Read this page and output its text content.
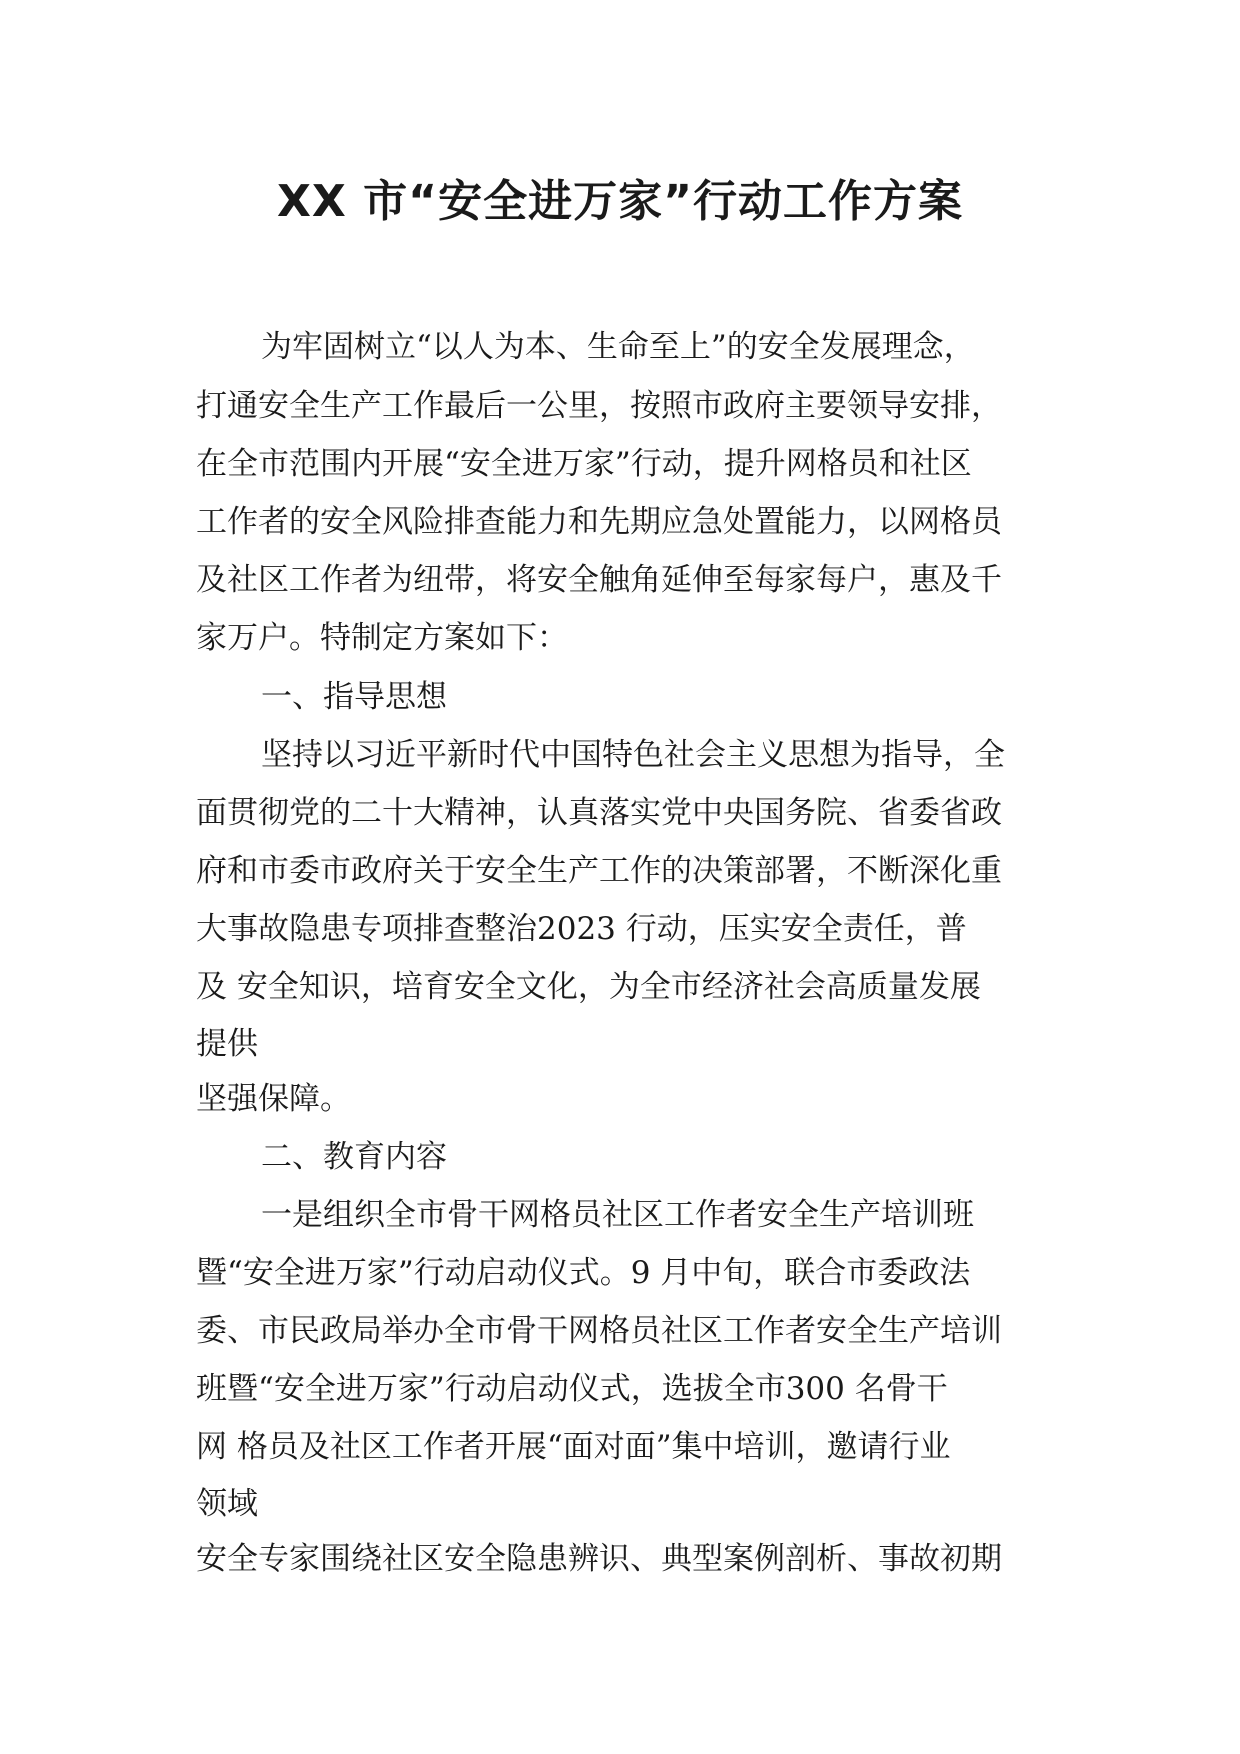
XX 市“安全进万家”行动工作方案

为牢固树立“以人为本、生命至上”的安全发展理念，

打通安全生产工作最后一公里，按照市政府主要领导安排，

在全市范围内开展“安全进万家”行动，提升网格员和社区

工作者的安全风险排查能力和先期应急处置能力，以网格员

及社区工作者为纽带，将安全触角延伸至每家每户，惠及千

家万户。特制定方案如下：

一、指导思想

坚持以习近平新时代中国特色社会主义思想为指导，全

面贯彻党的二十大精神，认真落实党中央国务院、省委省政

府和市委市政府关于安全生产工作的决策部署，不断深化重

大事故隐患专项排查整治2023 行动，压实安全责任，普

及 安全知识，培育安全文化，为全市经济社会高质量发展

提供

坚强保障。

二、教育内容

一是组织全市骨干网格员社区工作者安全生产培训班

暨“安全进万家”行动启动仪式。9 月中旬，联合市委政法

委、市民政局举办全市骨干网格员社区工作者安全生产培训

班暨“安全进万家”行动启动仪式，选拔全市300 名骨干

网 格员及社区工作者开展“面对面”集中培训，邀请行业

领域

安全专家围绕社区安全隐患辨识、典型案例剖析、事故初期
